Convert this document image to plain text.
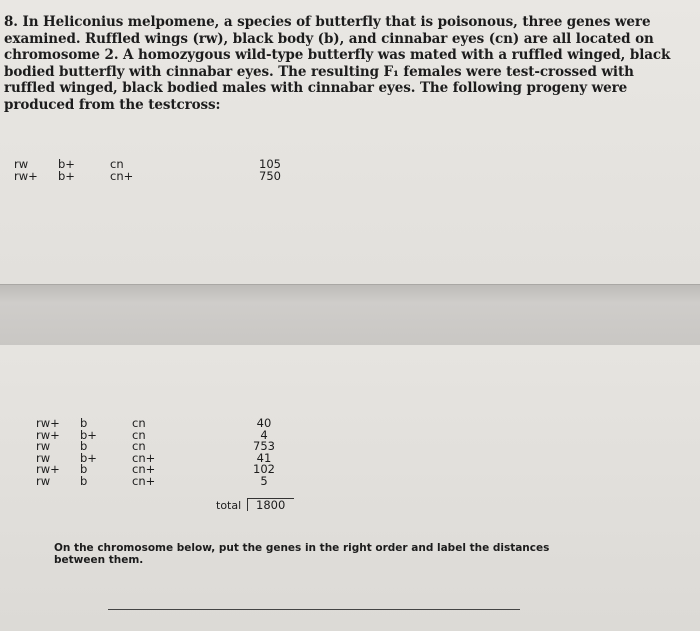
8. In Heliconius melpomene, a species of butterfly that is poisonous, three genes were

examined. Ruffled wings (rw), black body (b), and cinnabar eyes (cn) are all located on

chromosome 2. A homozygous wild-type butterfly was mated with a ruffled winged, black

bodied butterfly with cinnabar eyes. The resulting F₁ females were test-crossed with

ruffled winged, black bodied males with cinnabar eyes. The following progeny were

produced from the testcross:

rw	b+	cn	105
rw+ b+	cn+	750
rw+ b	cn	40
rw+ b+	cn	4
rw	b	cn	753
rw	b+	cn+	41
rw+ b	cn+	102
rw	b	cn+	5
total 1800

On the chromosome below, put the genes in the right order and label the distances

between them.
